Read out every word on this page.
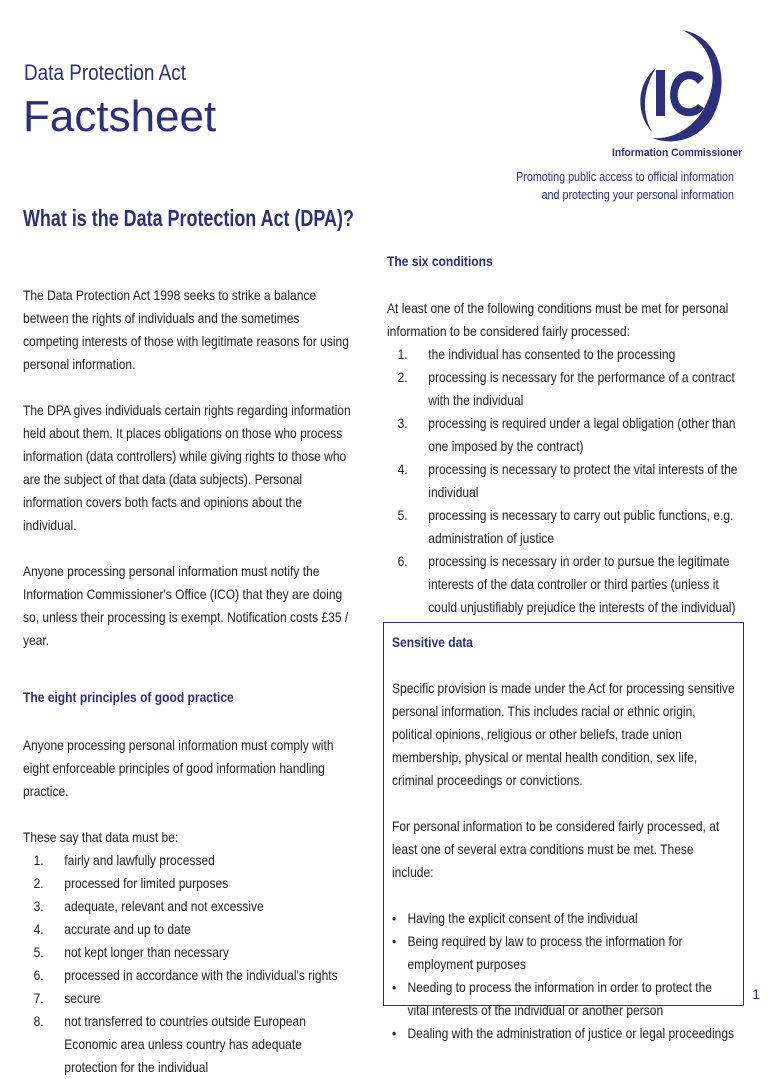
Data Protection Act
Factsheet
Information Commissioner
Promoting public access to official information
and protecting your personal information
What is the Data Protection Act (DPA)?

The Data Protection Act 1998 seeks to strike a balance between the rights of individuals and the sometimes competing interests of those with legitimate reasons for using personal information.

The DPA gives individuals certain rights regarding information held about them. It places obligations on those who process information (data controllers) while giving rights to those who are the subject of that data (data subjects). Personal information covers both facts and opinions about the individual.

Anyone processing personal information must notify the Information Commissioner's Office (ICO) that they are doing so, unless their processing is exempt. Notification costs £35 / year.

The eight principles of good practice

Anyone processing personal information must comply with eight enforceable principles of good information handling practice.

These say that data must be:

1. fairly and lawfully processed
2. processed for limited purposes
3. adequate, relevant and not excessive
4. accurate and up to date
5. not kept longer than necessary
6. processed in accordance with the individual's rights
7. secure
8. not transferred to countries outside European Economic area unless country has adequate protection for the individual
The six conditions

At least one of the following conditions must be met for personal information to be considered fairly processed:

1. the individual has consented to the processing
2. processing is necessary for the performance of a contract with the individual
3. processing is required under a legal obligation (other than one imposed by the contract)
4. processing is necessary to protect the vital interests of the individual
5. processing is necessary to carry out public functions, e.g. administration of justice
6. processing is necessary in order to pursue the legitimate interests of the data controller or third parties (unless it could unjustifiably prejudice the interests of the individual)
Sensitive data

Specific provision is made under the Act for processing sensitive personal information. This includes racial or ethnic origin, political opinions, religious or other beliefs, trade union membership, physical or mental health condition, sex life, criminal proceedings or convictions.

For personal information to be considered fairly processed, at least one of several extra conditions must be met. These include:

• Having the explicit consent of the individual
• Being required by law to process the information for employment purposes
• Needing to process the information in order to protect the vital interests of the individual or another person
• Dealing with the administration of justice or legal proceedings
1
